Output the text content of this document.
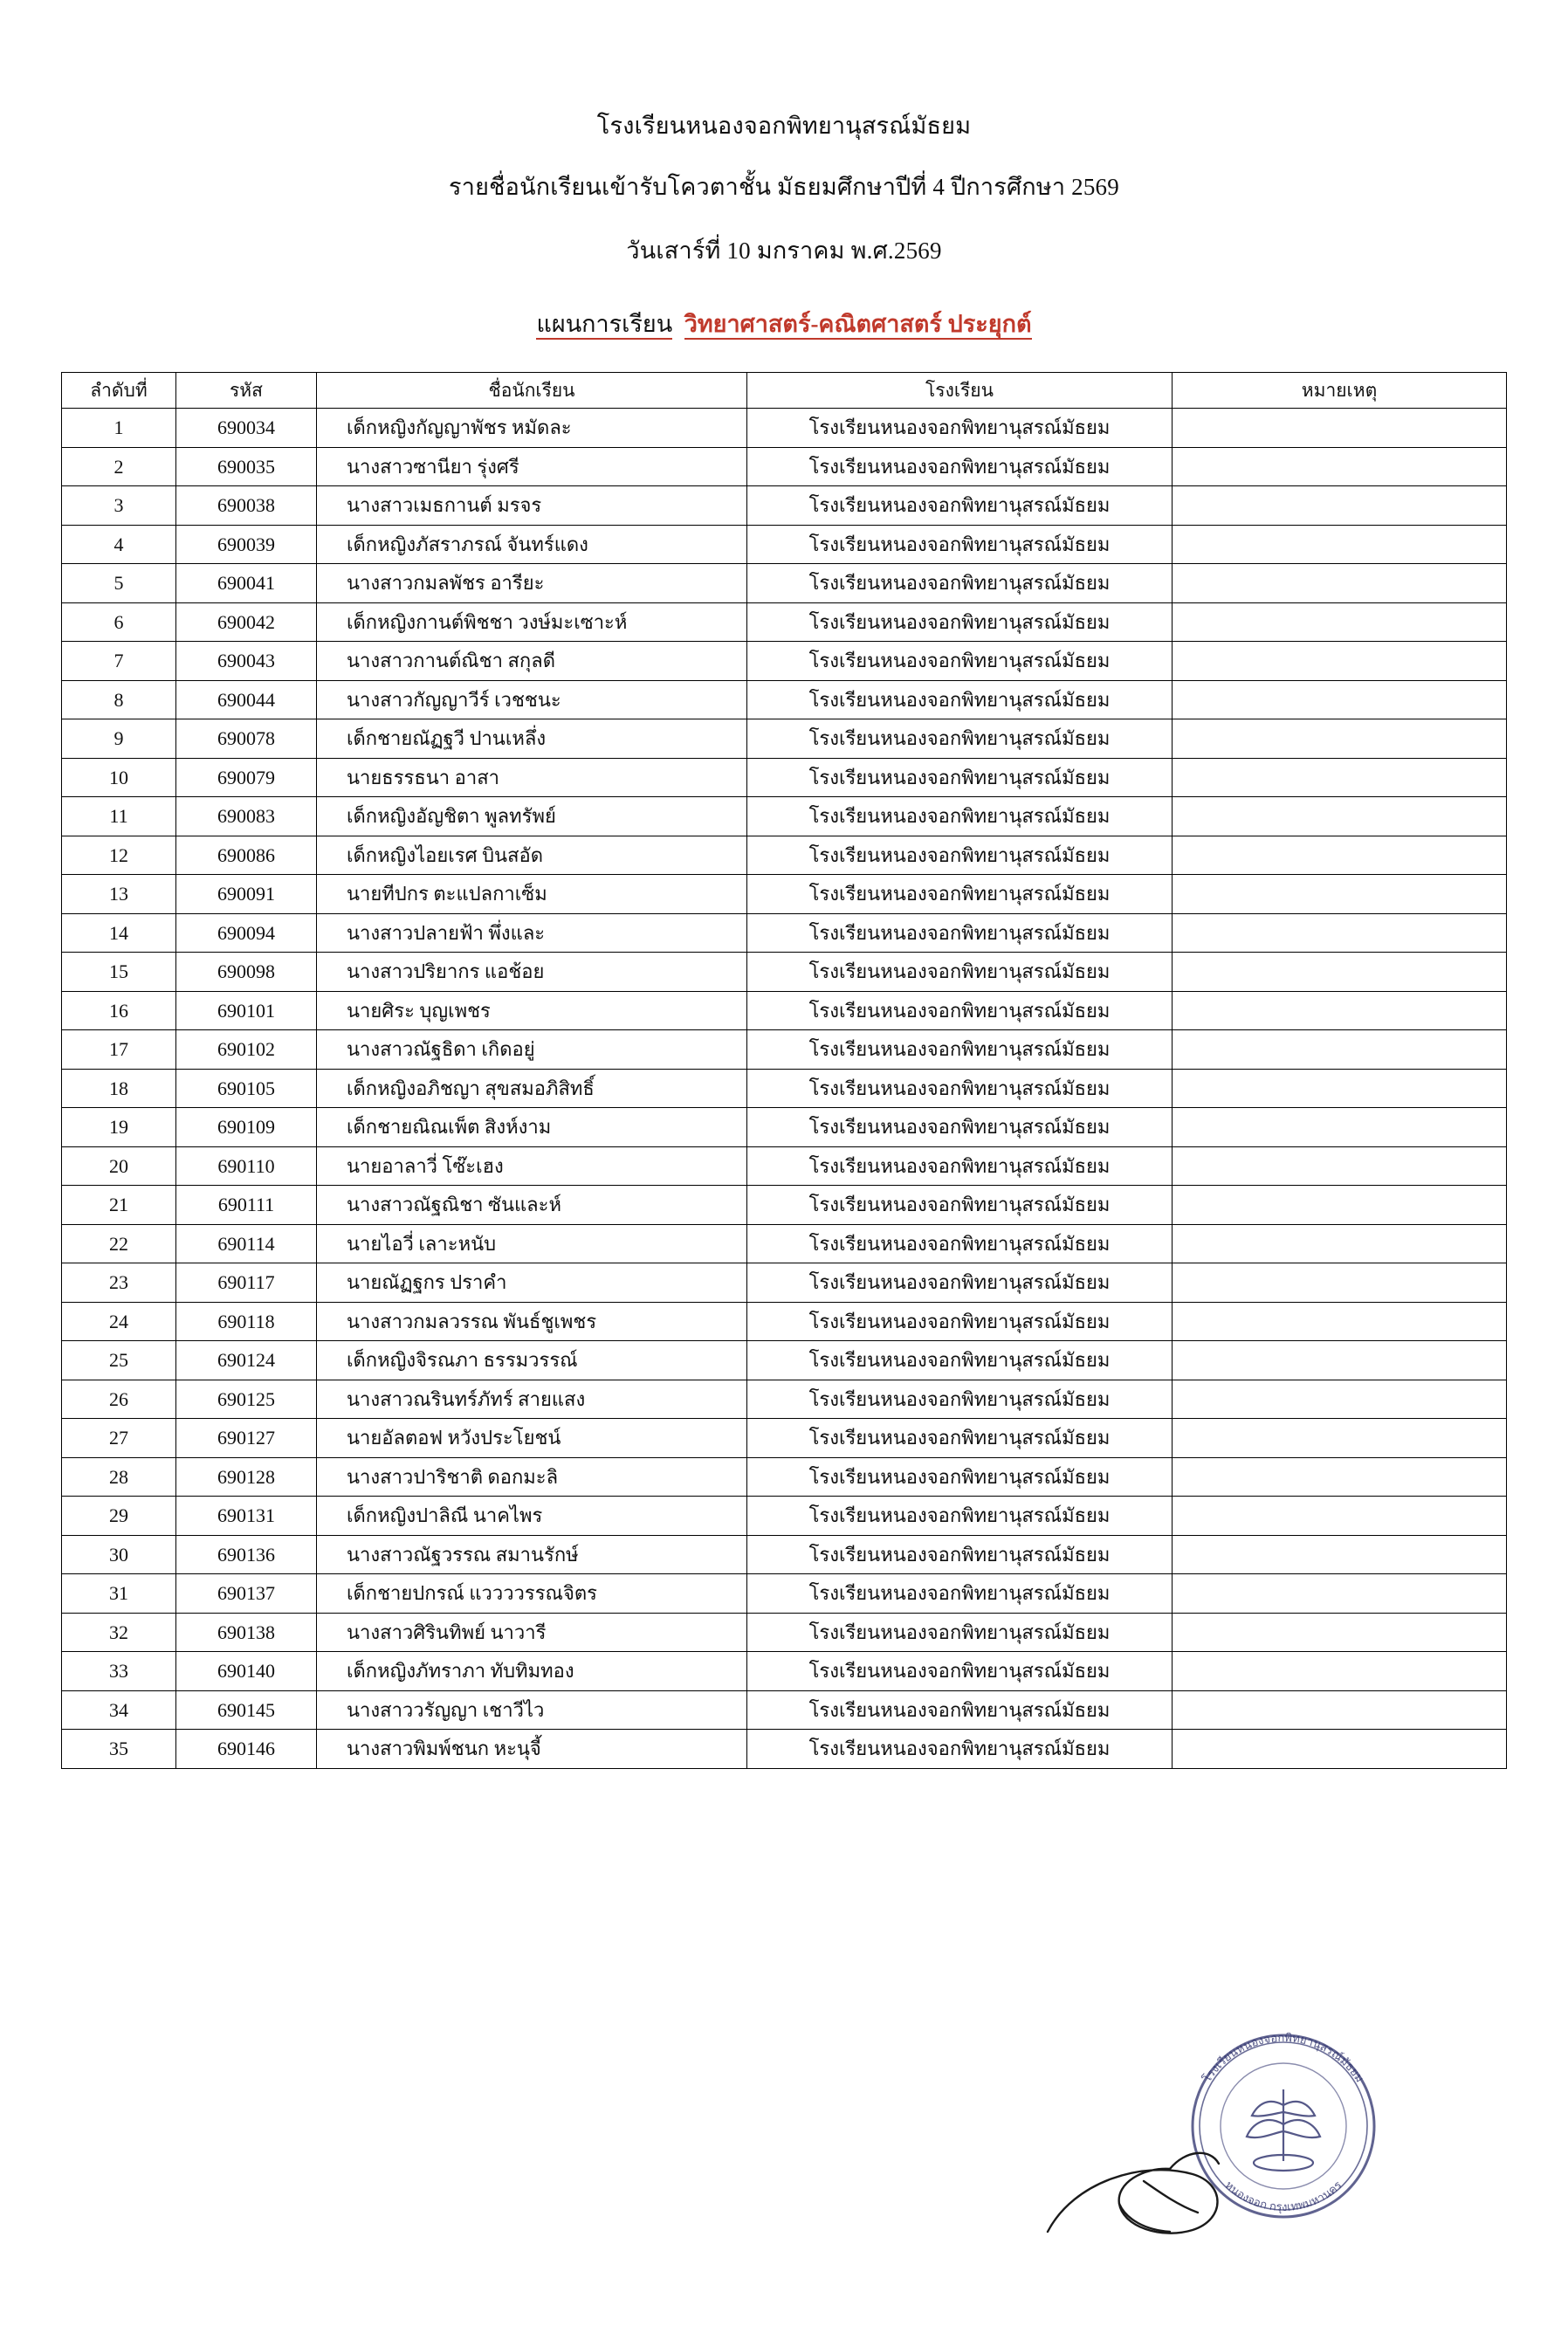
โรงเรียนหนองจอกพิทยานุสรณ์มัธยม
รายชื่อนักเรียนเข้ารับโควตาชั้น มัธยมศึกษาปีที่ 4 ปีการศึกษา 2569
วันเสาร์ที่ 10 มกราคม พ.ศ.2569
แผนการเรียน วิทยาศาสตร์-คณิตศาสตร์ ประยุกต์
ลำดับที่	รหัส	ชื่อนักเรียน	โรงเรียน	หมายเหตุ
1	690034	เด็กหญิงกัญญาพัชร หมัดละ	โรงเรียนหนองจอกพิทยานุสรณ์มัธยม	
2	690035	นางสาวซานียา รุ่งศรี	โรงเรียนหนองจอกพิทยานุสรณ์มัธยม	
3	690038	นางสาวเมธกานต์ มรจร	โรงเรียนหนองจอกพิทยานุสรณ์มัธยม	
4	690039	เด็กหญิงภัสราภรณ์ จันทร์แดง	โรงเรียนหนองจอกพิทยานุสรณ์มัธยม	
5	690041	นางสาวกมลพัชร อารียะ	โรงเรียนหนองจอกพิทยานุสรณ์มัธยม	
6	690042	เด็กหญิงกานต์พิชชา วงษ์มะเซาะห์	โรงเรียนหนองจอกพิทยานุสรณ์มัธยม	
7	690043	นางสาวกานต์ณิชา สกุลดี	โรงเรียนหนองจอกพิทยานุสรณ์มัธยม	
8	690044	นางสาวกัญญาวีร์ เวชชนะ	โรงเรียนหนองจอกพิทยานุสรณ์มัธยม	
9	690078	เด็กชายณัฏฐวี ปานเหลึ่ง	โรงเรียนหนองจอกพิทยานุสรณ์มัธยม	
10	690079	นายธรรธนา อาสา	โรงเรียนหนองจอกพิทยานุสรณ์มัธยม	
11	690083	เด็กหญิงอัญชิตา พูลทรัพย์	โรงเรียนหนองจอกพิทยานุสรณ์มัธยม	
12	690086	เด็กหญิงไอยเรศ บินสอัด	โรงเรียนหนองจอกพิทยานุสรณ์มัธยม	
13	690091	นายทีปกร ตะแปลกาเซ็ม	โรงเรียนหนองจอกพิทยานุสรณ์มัธยม	
14	690094	นางสาวปลายฟ้า พึ่งและ	โรงเรียนหนองจอกพิทยานุสรณ์มัธยม	
15	690098	นางสาวปริยากร แอช้อย	โรงเรียนหนองจอกพิทยานุสรณ์มัธยม	
16	690101	นายศิระ บุญเพชร	โรงเรียนหนองจอกพิทยานุสรณ์มัธยม	
17	690102	นางสาวณัฐธิดา เกิดอยู่	โรงเรียนหนองจอกพิทยานุสรณ์มัธยม	
18	690105	เด็กหญิงอภิชญา สุขสมอภิสิทธิ์	โรงเรียนหนองจอกพิทยานุสรณ์มัธยม	
19	690109	เด็กชายณิณเพ็ต สิงห์งาม	โรงเรียนหนองจอกพิทยานุสรณ์มัธยม	
20	690110	นายอาลาวี่ โซ๊ะเฮง	โรงเรียนหนองจอกพิทยานุสรณ์มัธยม	
21	690111	นางสาวณัฐณิชา ซันและห์	โรงเรียนหนองจอกพิทยานุสรณ์มัธยม	
22	690114	นายไอวี่ เลาะหนับ	โรงเรียนหนองจอกพิทยานุสรณ์มัธยม	
23	690117	นายณัฏฐกร ปราคำ	โรงเรียนหนองจอกพิทยานุสรณ์มัธยม	
24	690118	นางสาวกมลวรรณ พันธ์ชูเพชร	โรงเรียนหนองจอกพิทยานุสรณ์มัธยม	
25	690124	เด็กหญิงจิรณภา ธรรมวรรณ์	โรงเรียนหนองจอกพิทยานุสรณ์มัธยม	
26	690125	นางสาวณรินทร์ภัทร์ สายแสง	โรงเรียนหนองจอกพิทยานุสรณ์มัธยม	
27	690127	นายอัลตอฟ หวังประโยชน์	โรงเรียนหนองจอกพิทยานุสรณ์มัธยม	
28	690128	นางสาวปาริชาติ ดอกมะลิ	โรงเรียนหนองจอกพิทยานุสรณ์มัธยม	
29	690131	เด็กหญิงปาลิณี นาคไพร	โรงเรียนหนองจอกพิทยานุสรณ์มัธยม	
30	690136	นางสาวณัฐวรรณ สมานรักษ์	โรงเรียนหนองจอกพิทยานุสรณ์มัธยม	
31	690137	เด็กชายปกรณ์ แววววรรณจิตร	โรงเรียนหนองจอกพิทยานุสรณ์มัธยม	
32	690138	นางสาวศิรินทิพย์ นาวารี	โรงเรียนหนองจอกพิทยานุสรณ์มัธยม	
33	690140	เด็กหญิงภัทราภา ทับทิมทอง	โรงเรียนหนองจอกพิทยานุสรณ์มัธยม	
34	690145	นางสาววรัญญา เชาวีไว	โรงเรียนหนองจอกพิทยานุสรณ์มัธยม	
35	690146	นางสาวพิมพ์ชนก หะนุจี้	โรงเรียนหนองจอกพิทยานุสรณ์มัธยม	
โรงเรียนหนองจอกพิทยานุสรณ์มัธยม
หนองจอก กรุงเทพมหานคร
